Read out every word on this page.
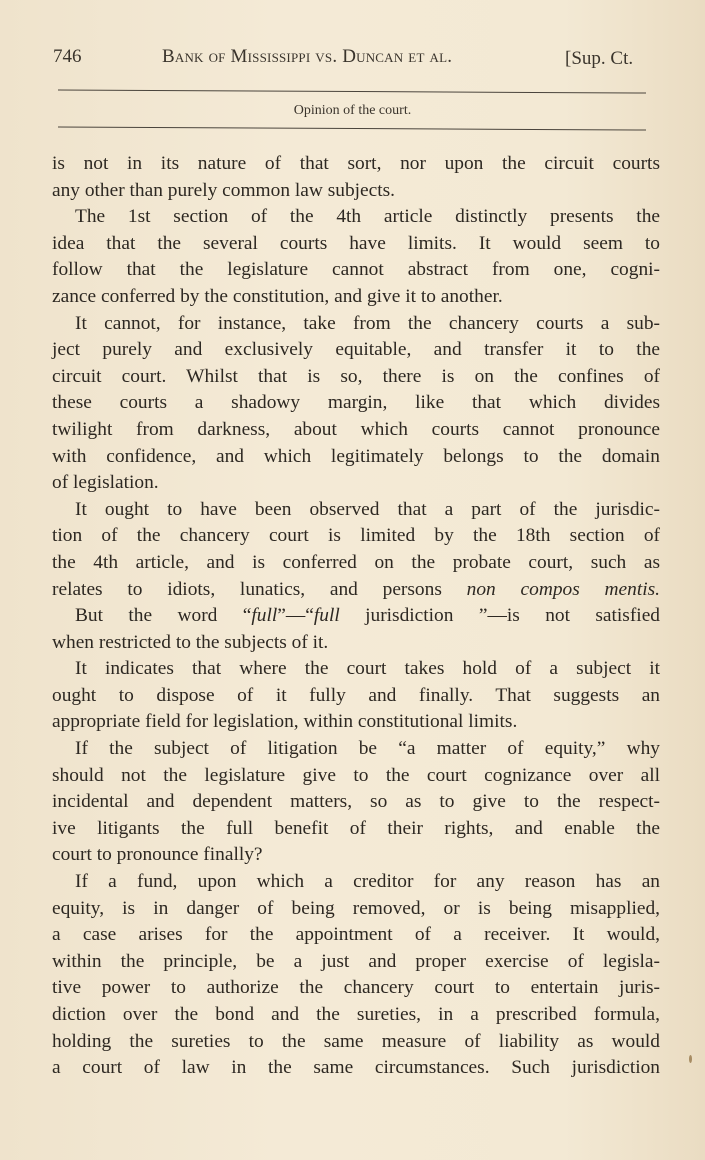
746	Bank of Mississippi vs. Duncan et al.	[Sup. Ct.
Opinion of the court.
is not in its nature of that sort, nor upon the circuit courts
any other than purely common law subjects.
The 1st section of the 4th article distinctly presents the
idea that the several courts have limits. It would seem to
follow that the legislature cannot abstract from one, cogni-
zance conferred by the constitution, and give it to another.
It cannot, for instance, take from the chancery courts a sub-
ject purely and exclusively equitable, and transfer it to the
circuit court. Whilst that is so, there is on the confines of
these courts a shadowy margin, like that which divides
twilight from darkness, about which courts cannot pronounce
with confidence, and which legitimately belongs to the domain
of legislation.
It ought to have been observed that a part of the jurisdic-
tion of the chancery court is limited by the 18th section of
the 4th article, and is conferred on the probate court, such as
relates to idiots, lunatics, and persons non compos mentis.
But the word “full”—“full jurisdiction ”—is not satisfied
when restricted to the subjects of it.
It indicates that where the court takes hold of a subject it
ought to dispose of it fully and finally. That suggests an
appropriate field for legislation, within constitutional limits.
If the subject of litigation be “a matter of equity,” why
should not the legislature give to the court cognizance over all
incidental and dependent matters, so as to give to the respect-
ive litigants the full benefit of their rights, and enable the
court to pronounce finally?
If a fund, upon which a creditor for any reason has an
equity, is in danger of being removed, or is being misapplied,
a case arises for the appointment of a receiver. It would,
within the principle, be a just and proper exercise of legisla-
tive power to authorize the chancery court to entertain juris-
diction over the bond and the sureties, in a prescribed formula,
holding the sureties to the same measure of liability as would
a court of law in the same circumstances. Such jurisdiction
